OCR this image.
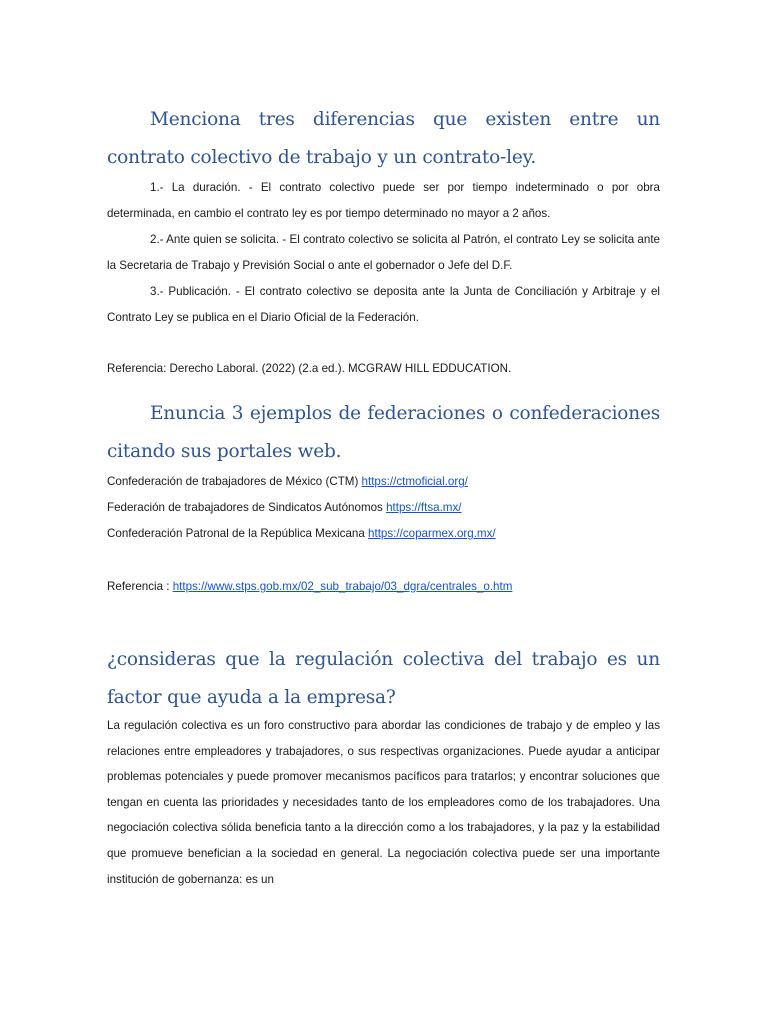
Menciona tres diferencias que existen entre un contrato colectivo de trabajo y un contrato-ley.

1.- La duración. - El contrato colectivo puede ser por tiempo indeterminado o por obra determinada, en cambio el contrato ley es por tiempo determinado no mayor a 2 años.

2.- Ante quien se solicita. - El contrato colectivo se solicita al Patrón, el contrato Ley se solicita ante la Secretaria de Trabajo y Previsión Social o ante el gobernador o Jefe del D.F.

3.- Publicación. - El contrato colectivo se deposita ante la Junta de Conciliación y Arbitraje y el Contrato Ley se publica en el Diario Oficial de la Federación.

Referencia: Derecho Laboral. (2022) (2.a ed.). MCGRAW HILL EDDUCATION.

Enuncia 3 ejemplos de federaciones o confederaciones citando sus portales web.

Confederación de trabajadores de México (CTM) https://ctmoficial.org/

Federación de trabajadores de Sindicatos Autónomos https://ftsa.mx/

Confederación Patronal de la República Mexicana https://coparmex.org.mx/

Referencia : https://www.stps.gob.mx/02_sub_trabajo/03_dgra/centrales_o.htm

¿consideras que la regulación colectiva del trabajo es un factor que ayuda a la empresa?

La regulación colectiva es un foro constructivo para abordar las condiciones de trabajo y de empleo y las relaciones entre empleadores y trabajadores, o sus respectivas organizaciones. Puede ayudar a anticipar problemas potenciales y puede promover mecanismos pacíficos para tratarlos; y encontrar soluciones que tengan en cuenta las prioridades y necesidades tanto de los empleadores como de los trabajadores. Una negociación colectiva sólida beneficia tanto a la dirección como a los trabajadores, y la paz y la estabilidad que promueve benefician a la sociedad en general. La negociación colectiva puede ser una importante institución de gobernanza: es un
